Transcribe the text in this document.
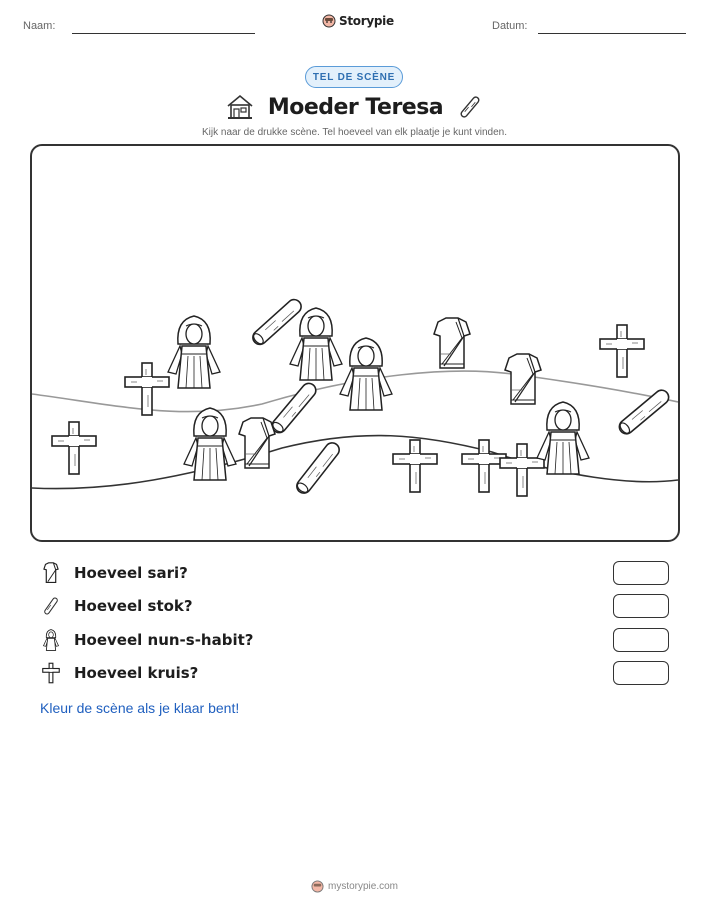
Naam:	Storypie	Datum:
TEL DE SCÈNE
Moeder Teresa
Kijk naar de drukke scène. Tel hoeveel van elk plaatje je kunt vinden.
Hoeveel sari?
Hoeveel stok?
Hoeveel nun-s-habit?
Hoeveel kruis?
Kleur de scène als je klaar bent!
mystorypie.com
